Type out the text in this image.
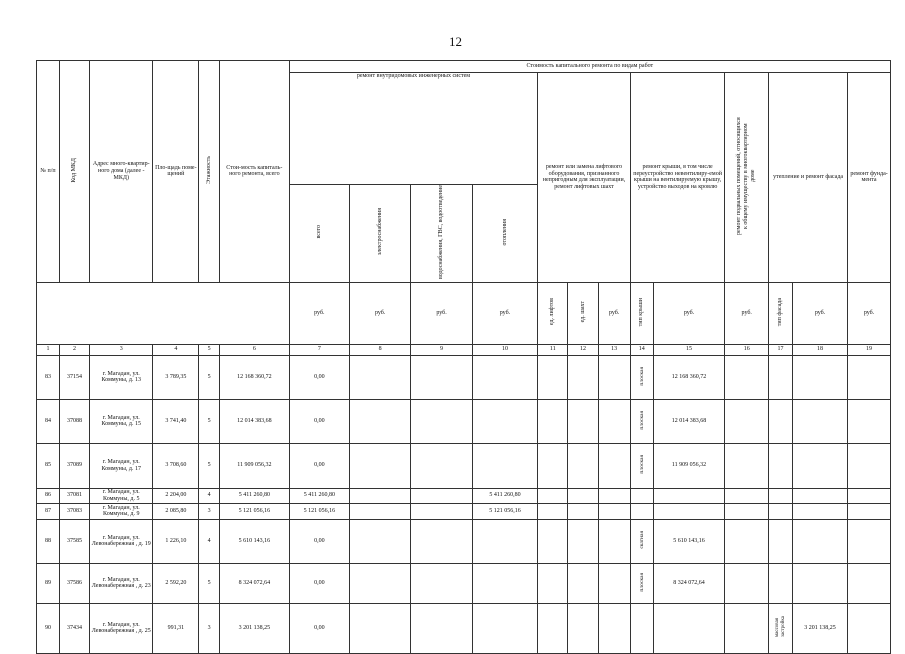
12
№ п/п	Код МКД	Адрес много-квартир-ного дома (далее - МКД)	Пло-щадь поме-щений	Этажность	Стои-мость капиталь-ного ремонта, всего	Стоимость капитального ремонта по видам работ												
						ремонт внутридомовых инженерных систем				ремонт или замена лифтового оборудования, признанного непригодным для эксплуатации, ремонт лифтовых шахт			ремонт крыши, в том числе переустройство невентилиру-емой крыши на вентилируемую крышу, устройство выходов на кровлю		ремонт подвальных помещений, относящихся к общему имуществу в многоквартирном доме	утепление и ремонт фасада		ремонт фунда-мента
						всего	электроснабжения	водоснабжения, ГВС, водоотведение	отопления									
						руб.	руб.	руб.	руб.	ед. лифтов	ед. шахт	руб.	тип крыши	руб.	руб.	тип фасада	руб.	руб.
1	2	3	4	5	6	7	8	9	10	11	12	13	14	15	16	17	18	19
83	37154	г. Магадан, ул. Коммуны, д. 13	3 789,35	5	12 168 360,72	0,00							плоская	12 168 360,72				
84	37088	г. Магадан, ул. Коммуны, д. 15	3 741,40	5	12 014 383,68	0,00							плоская	12 014 383,68				
85	37089	г. Магадан, ул. Коммуны, д. 17	3 708,60	5	11 909 056,32	0,00							плоская	11 909 056,32				
86	37081	г. Магадан, ул. Коммуны, д. 5	2 204,00	4	5 411 260,80	5 411 260,80			5 411 260,80									
87	37083	г. Магадан, ул. Коммуны, д. 9	2 085,80	3	5 121 056,16	5 121 056,16			5 121 056,16									
88	37585	г. Магадан, ул. Левонабережная , д. 19	1 226,10	4	5 610 143,16	0,00							скатная	5 610 143,16				
89	37586	г. Магадан, ул. Левонабережная , д. 23	2 592,20	5	8 324 072,64	0,00							плоская	8 324 072,64				
90	37434	г. Магадан, ул. Левонабережная , д. 25	991,31	3	3 201 138,25	0,00										массовая застройка	3 201 138,25	
